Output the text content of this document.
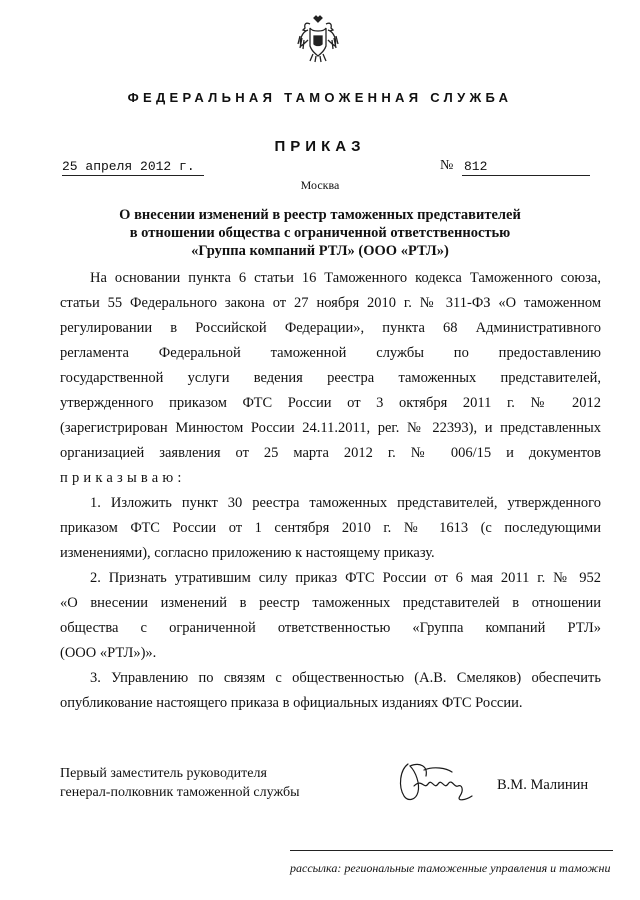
ФЕДЕРАЛЬНАЯ ТАМОЖЕННАЯ СЛУЖБА
ПРИКАЗ
25 апреля 2012 г.	№ 812
Москва
О внесении изменений в реестр таможенных представителей
в отношении общества с ограниченной ответственностью
«Группа компаний РТЛ» (ООО «РТЛ»)

На основании пункта 6 статьи 16 Таможенного кодекса Таможенного союза,

статьи 55 Федерального закона от 27 ноября 2010 г. № 311-ФЗ «О таможенном

регулировании в Российской Федерации», пункта 68 Административного

регламента Федеральной таможенной службы по предоставлению

государственной услуги ведения реестра таможенных представителей,

утвержденного приказом ФТС России от 3 октября 2011 г. № 2012

(зарегистрирован Минюстом России 24.11.2011, рег. № 22393), и представленных

организацией заявления от 25 марта 2012 г. № 006/15 и документов

приказываю:

1. Изложить пункт 30 реестра таможенных представителей, утвержденного

приказом ФТС России от 1 сентября 2010 г. № 1613 (с последующими

изменениями), согласно приложению к настоящему приказу.

2. Признать утратившим силу приказ ФТС России от 6 мая 2011 г. № 952

«О внесении изменений в реестр таможенных представителей в отношении

общества с ограниченной ответственностью «Группа компаний РТЛ»

(ООО «РТЛ»)».

3. Управлению по связям с общественностью (А.В. Смеляков) обеспечить

опубликование настоящего приказа в официальных изданиях ФТС России.

Первый заместитель руководителя
генерал-полковник таможенной службы	В.М. Малинин
рассылка: региональные таможенные управления и таможни
